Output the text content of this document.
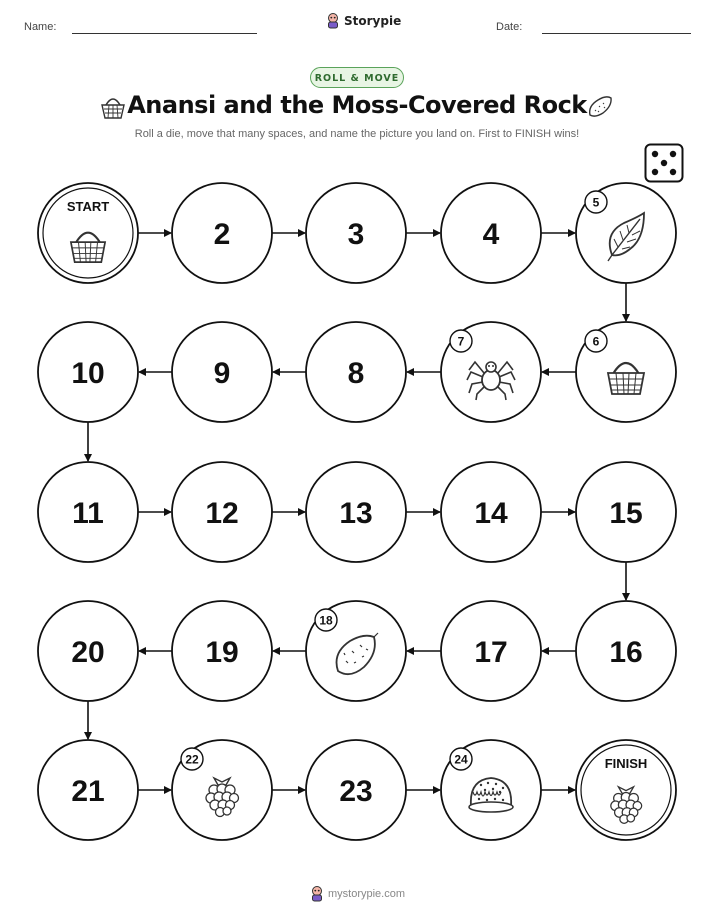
Name:	Storypie	Date:
ROLL & MOVE
Anansi and the Moss-Covered Rock
Roll a die, move that many spaces, and name the picture you land on. First to FINISH wins!
START
2	3	4
5
6
7
8
9
10
11	12	13	14	15
16
17
18
19
20
21
22
23
24	FINISH
mystorypie.com
